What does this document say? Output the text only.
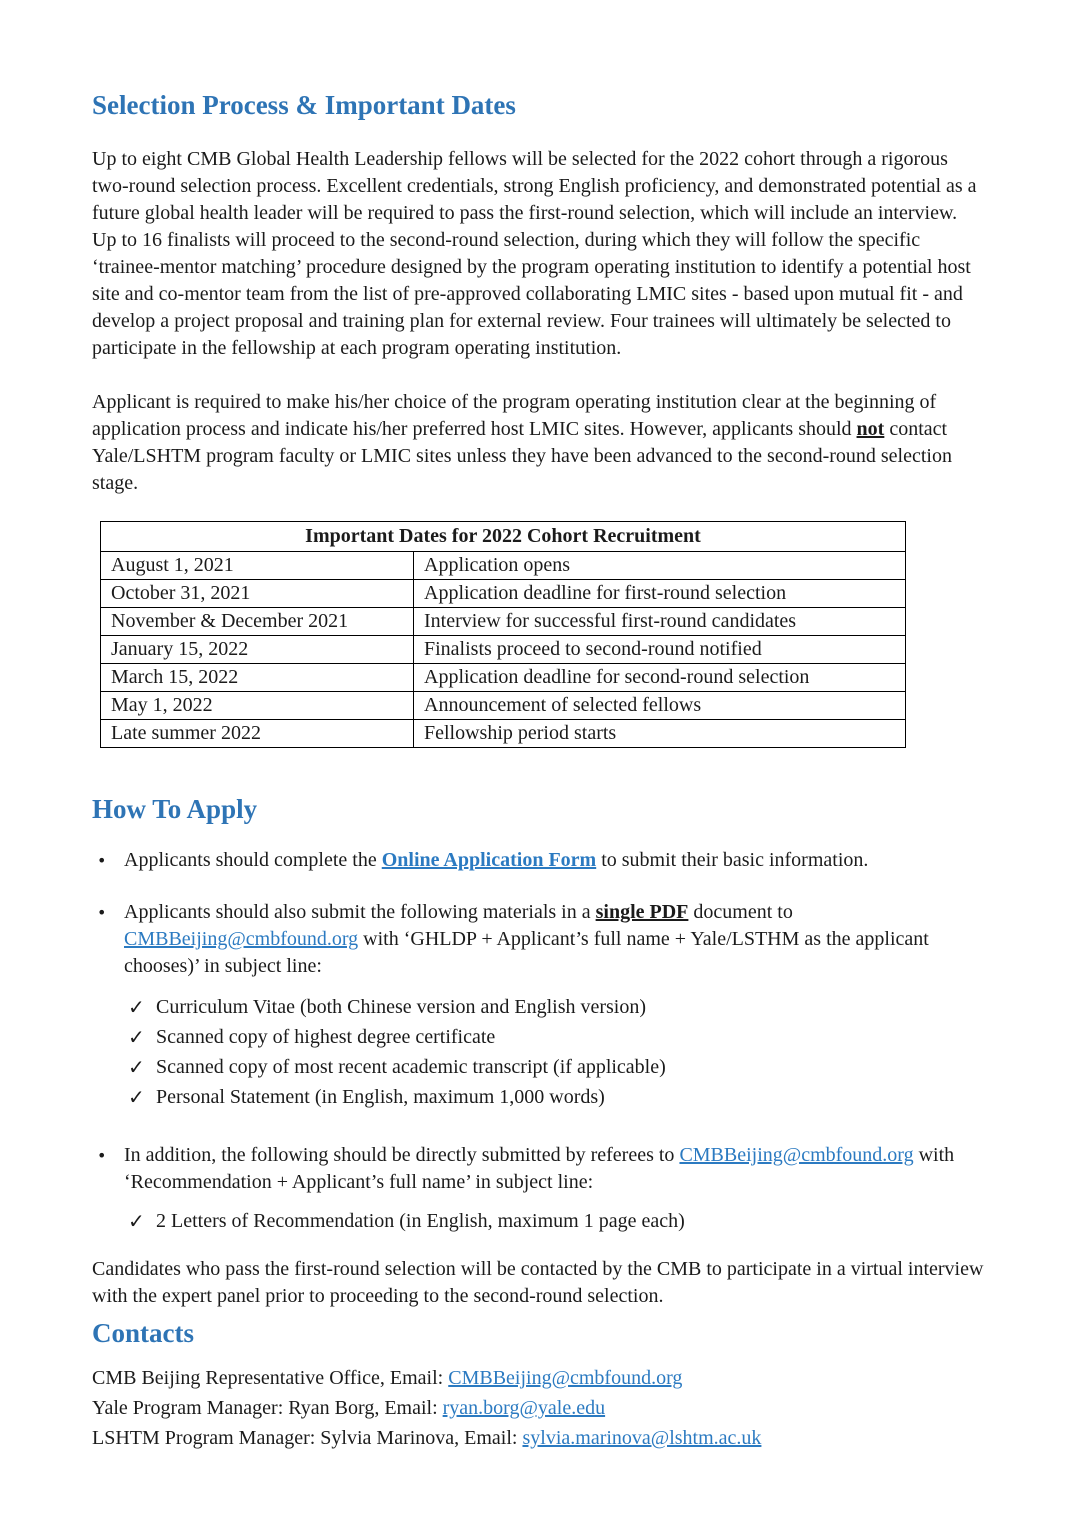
Selection Process & Important Dates

Up to eight CMB Global Health Leadership fellows will be selected for the 2022 cohort through a rigorous two-round selection process. Excellent credentials, strong English proficiency, and demonstrated potential as a future global health leader will be required to pass the first-round selection, which will include an interview. Up to 16 finalists will proceed to the second-round selection, during which they will follow the specific ‘trainee-mentor matching’ procedure designed by the program operating institution to identify a potential host site and co-mentor team from the list of pre-approved collaborating LMIC sites - based upon mutual fit - and develop a project proposal and training plan for external review. Four trainees will ultimately be selected to participate in the fellowship at each program operating institution.

Applicant is required to make his/her choice of the program operating institution clear at the beginning of application process and indicate his/her preferred host LMIC sites. However, applicants should not contact Yale/LSHTM program faculty or LMIC sites unless they have been advanced to the second-round selection stage.

Important Dates for 2022 Cohort Recruitment	
August 1, 2021	Application opens
October 31, 2021	Application deadline for first-round selection
November & December 2021	Interview for successful first-round candidates
January 15, 2022	Finalists proceed to second-round notified
March 15, 2022	Application deadline for second-round selection
May 1, 2022	Announcement of selected fellows
Late summer 2022	Fellowship period starts
How To Apply
• Applicants should complete the Online Application Form to submit their basic information.
• Applicants should also submit the following materials in a single PDF document to CMBBeijing@cmbfound.org with ‘GHLDP + Applicant’s full name + Yale/LSTHM as the applicant chooses)’ in subject line:
✓ Curriculum Vitae (both Chinese version and English version)
✓ Scanned copy of highest degree certificate
✓ Scanned copy of most recent academic transcript (if applicable)
✓ Personal Statement (in English, maximum 1,000 words)
• In addition, the following should be directly submitted by referees to CMBBeijing@cmbfound.org with ‘Recommendation + Applicant’s full name’ in subject line:
✓ 2 Letters of Recommendation (in English, maximum 1 page each)

Candidates who pass the first-round selection will be contacted by the CMB to participate in a virtual interview with the expert panel prior to proceeding to the second-round selection.

Contacts
CMB Beijing Representative Office, Email: CMBBeijing@cmbfound.org
Yale Program Manager: Ryan Borg, Email: ryan.borg@yale.edu
LSHTM Program Manager: Sylvia Marinova, Email: sylvia.marinova@lshtm.ac.uk
